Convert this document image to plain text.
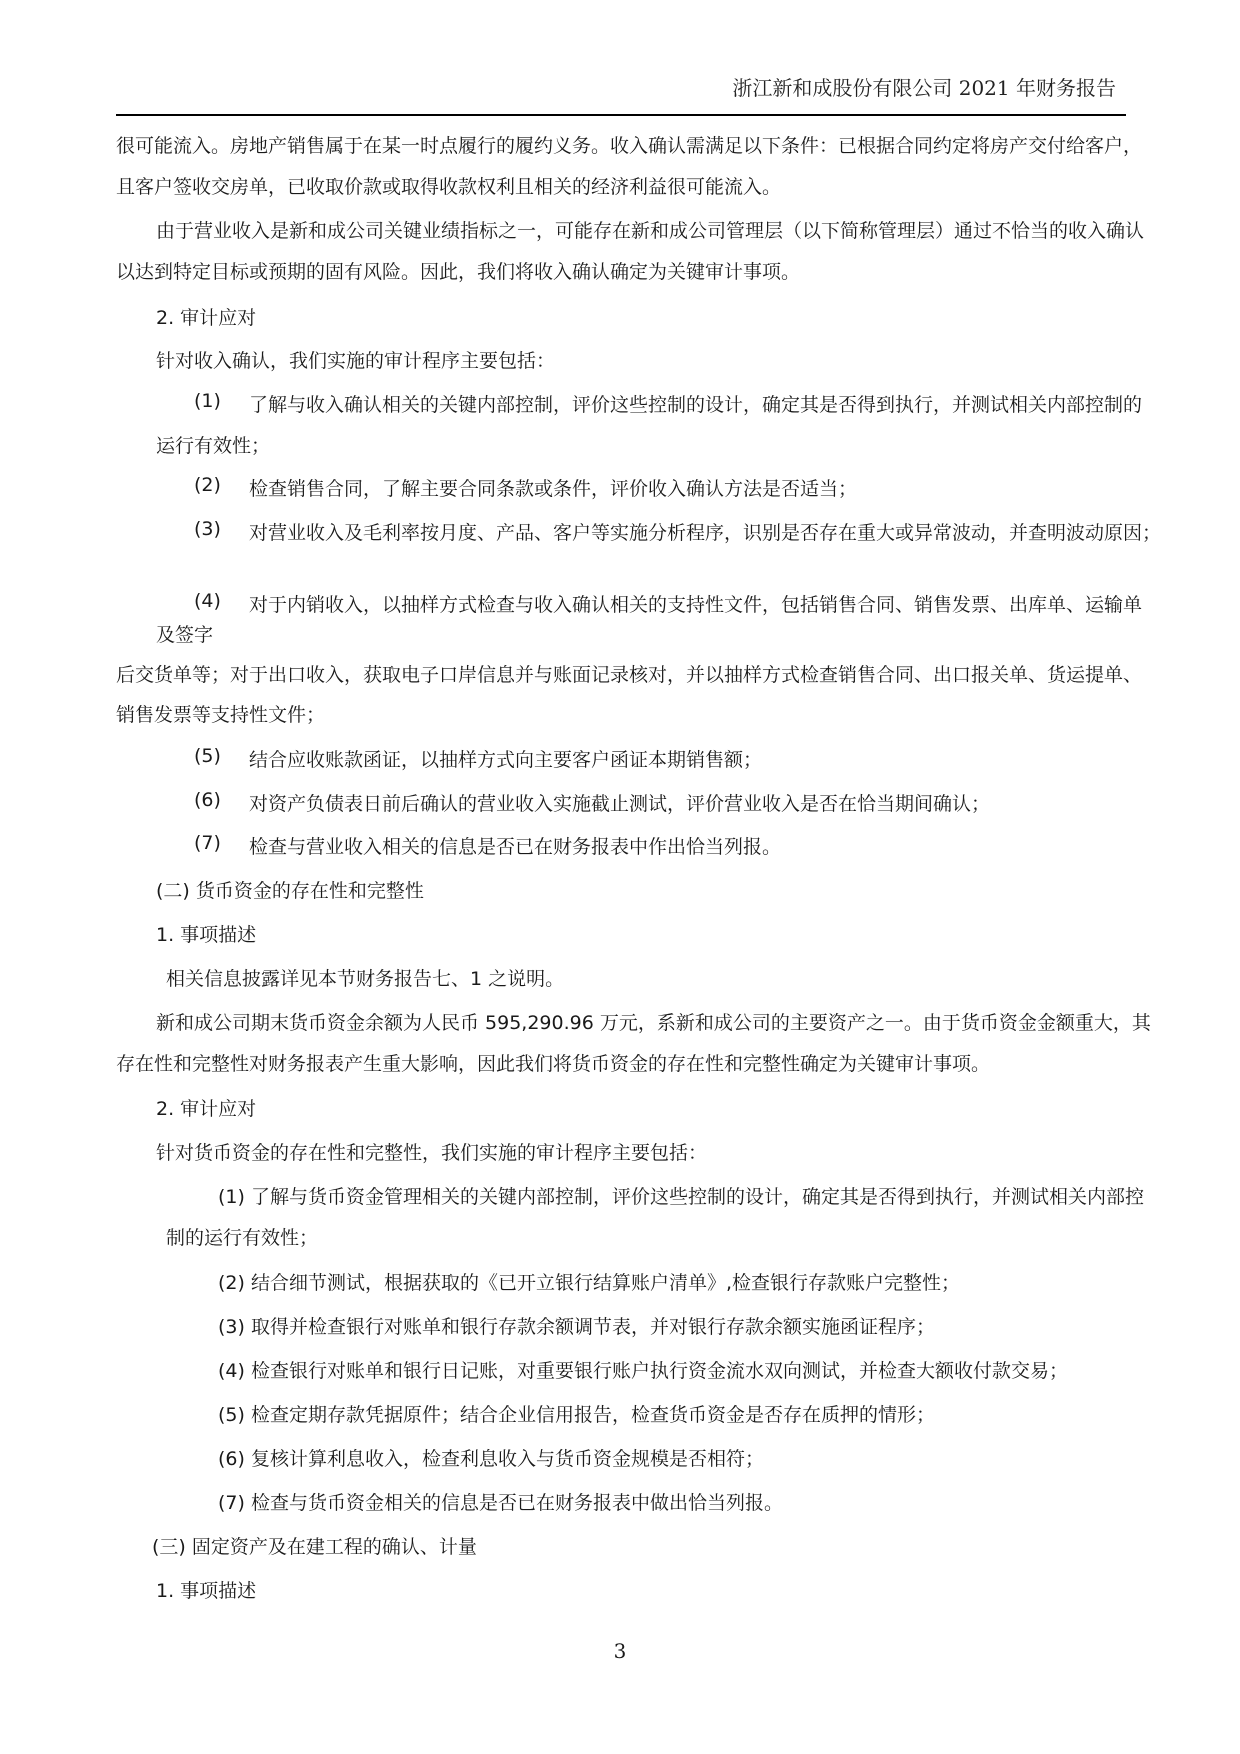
浙江新和成股份有限公司 2021 年财务报告
很可能流入。房地产销售属于在某一时点履行的履约义务。收入确认需满足以下条件：已根据合同约定将房产交付给客户，
且客户签收交房单，已收取价款或取得收款权利且相关的经济利益很可能流入。
由于营业收入是新和成公司关键业绩指标之一，可能存在新和成公司管理层（以下简称管理层）通过不恰当的收入确认
以达到特定目标或预期的固有风险。因此，我们将收入确认确定为关键审计事项。
2. 审计应对
针对收入确认，我们实施的审计程序主要包括：
(1) 了解与收入确认相关的关键内部控制，评价这些控制的设计，确定其是否得到执行，并测试相关内部控制的
运行有效性；
(2) 检查销售合同，了解主要合同条款或条件，评价收入确认方法是否适当；
(3) 对营业收入及毛利率按月度、产品、客户等实施分析程序，识别是否存在重大或异常波动，并查明波动原因；
(4) 对于内销收入，以抽样方式检查与收入确认相关的支持性文件，包括销售合同、销售发票、出库单、运输单
及签字
后交货单等；对于出口收入，获取电子口岸信息并与账面记录核对，并以抽样方式检查销售合同、出口报关单、货运提单、
销售发票等支持性文件；
(5) 结合应收账款函证，以抽样方式向主要客户函证本期销售额；
(6) 对资产负债表日前后确认的营业收入实施截止测试，评价营业收入是否在恰当期间确认；
(7) 检查与营业收入相关的信息是否已在财务报表中作出恰当列报。
(二) 货币资金的存在性和完整性
1. 事项描述
相关信息披露详见本节财务报告七、1 之说明。
新和成公司期末货币资金余额为人民币 595,290.96 万元，系新和成公司的主要资产之一。由于货币资金金额重大，其
存在性和完整性对财务报表产生重大影响，因此我们将货币资金的存在性和完整性确定为关键审计事项。
2. 审计应对
针对货币资金的存在性和完整性，我们实施的审计程序主要包括：
(1) 了解与货币资金管理相关的关键内部控制，评价这些控制的设计，确定其是否得到执行，并测试相关内部控
制的运行有效性；
(2) 结合细节测试，根据获取的《已开立银行结算账户清单》,检查银行存款账户完整性；
(3) 取得并检查银行对账单和银行存款余额调节表，并对银行存款余额实施函证程序；
(4) 检查银行对账单和银行日记账，对重要银行账户执行资金流水双向测试，并检查大额收付款交易；
(5) 检查定期存款凭据原件；结合企业信用报告，检查货币资金是否存在质押的情形；
(6) 复核计算利息收入，检查利息收入与货币资金规模是否相符；
(7) 检查与货币资金相关的信息是否已在财务报表中做出恰当列报。
(三) 固定资产及在建工程的确认、计量
1. 事项描述
3
